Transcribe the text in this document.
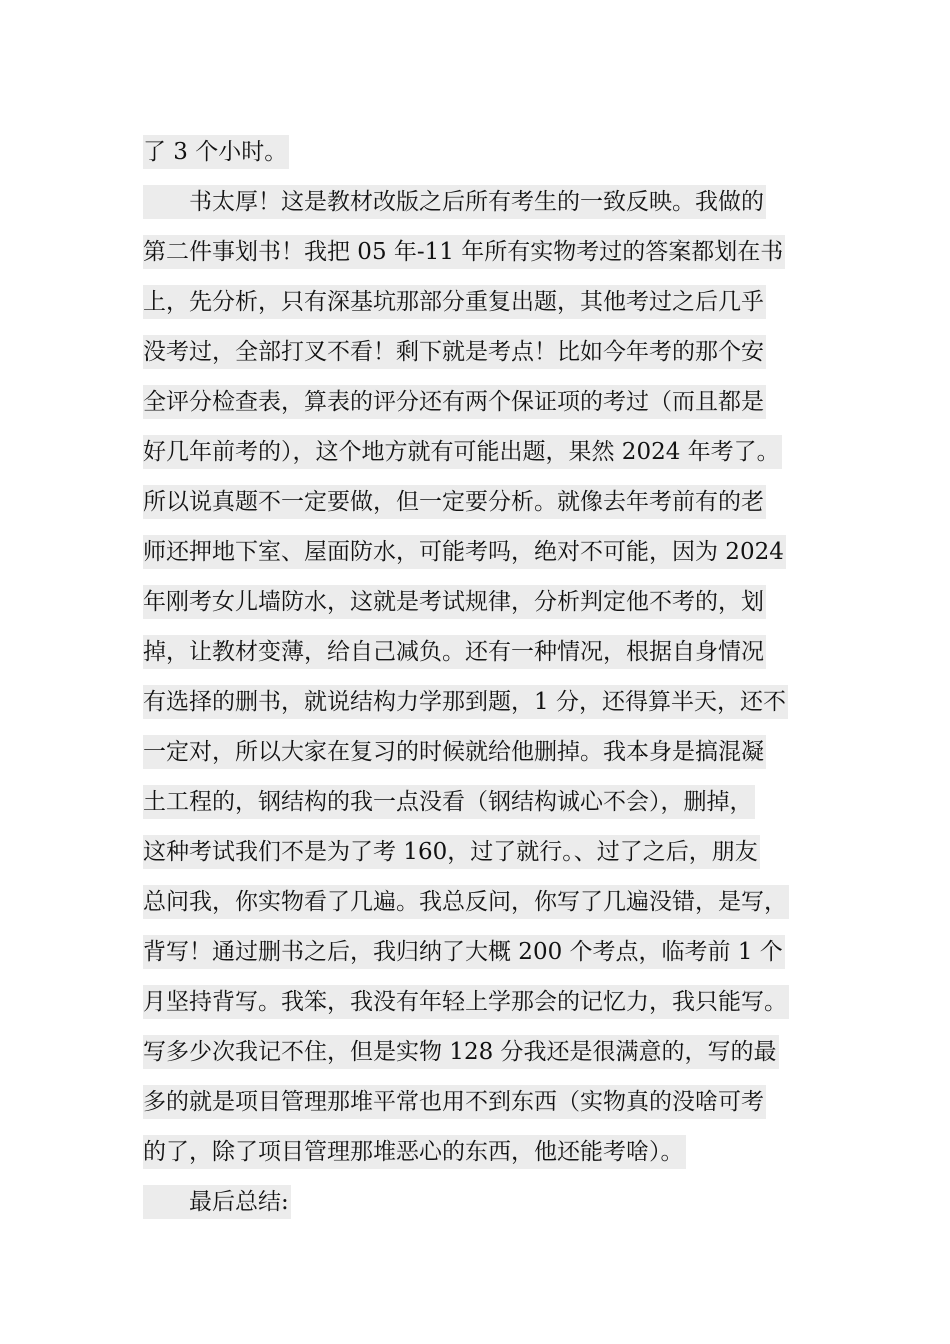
了 3 个小时。
　　书太厚！这是教材改版之后所有考生的一致反映。我做的
第二件事划书！我把 05 年-11 年所有实物考过的答案都划在书
上，先分析，只有深基坑那部分重复出题，其他考过之后几乎
没考过，全部打叉不看！剩下就是考点！比如今年考的那个安
全评分检查表，算表的评分还有两个保证项的考过（而且都是
好几年前考的），这个地方就有可能出题，果然 2024 年考了。
所以说真题不一定要做，但一定要分析。就像去年考前有的老
师还押地下室、屋面防水，可能考吗，绝对不可能，因为 2024
年刚考女儿墙防水，这就是考试规律，分析判定他不考的，划
掉，让教材变薄，给自己减负。还有一种情况，根据自身情况
有选择的删书，就说结构力学那到题，1 分，还得算半天，还不
一定对，所以大家在复习的时候就给他删掉。我本身是搞混凝
土工程的，钢结构的我一点没看（钢结构诚心不会），删掉，
这种考试我们不是为了考 160，过了就行。、过了之后，朋友
总问我，你实物看了几遍。我总反问，你写了几遍没错，是写，
背写！通过删书之后，我归纳了大概 200 个考点，临考前 1 个
月坚持背写。我笨，我没有年轻上学那会的记忆力，我只能写。
写多少次我记不住，但是实物 128 分我还是很满意的，写的最
多的就是项目管理那堆平常也用不到东西（实物真的没啥可考
的了，除了项目管理那堆恶心的东西，他还能考啥）。
　　最后总结:
